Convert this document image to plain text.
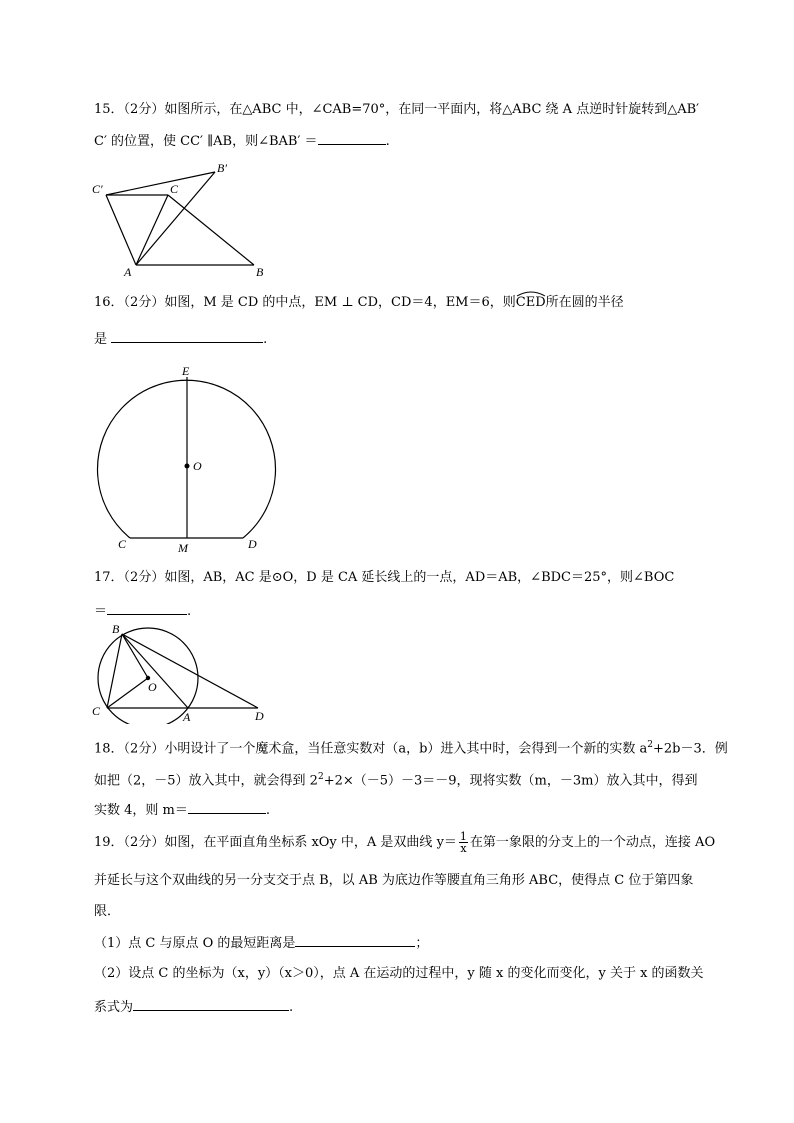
15．（2分）如图所示，在△ABC 中，∠CAB=70°，在同一平面内，将△ABC 绕 A 点逆时针旋转到△AB′
C′ 的位置，使 CC′ ∥AB，则∠BAB′ ＝	.
C′	C
B′
A	B
16．（2分）如图，M 是 CD 的中点，EM ⊥ CD，CD＝4，EM＝6，则
CED所在圆的半径
是	.
E
O
C	M	D
17．（2分）如图，AB，AC 是⊙O，D 是 CA 延长线上的一点，AD＝AB，∠BDC＝25°，则∠BOC
＝	.
B
O
C	A	D
18．（2分）小明设计了一个魔术盒，当任意实数对（a，b）进入其中时，会得到一个新的实数 $a^2+2b-3$．例
如把（2，－5）放入其中，就会得到 $2^2+2\times(-5)-3=-9$，现将实数（m，－3m）放入其中，得到
实数 4，则 m＝	.
19．（2分）如图，在平面直角坐标系 xOy 中，A 是双曲线 $y= \frac{1}{x}$ 在第一象限的分支上的一个动点，连接 AO
并延长与这个双曲线的另一分支交于点 B，以 AB 为底边作等腰直角三角形 ABC，使得点 C 位于第四象
限．
（1）点 C 与原点 O 的最短距离是	；
（2）设点 C 的坐标为（x，y）（x＞0），点 A 在运动的过程中，y 随 x 的变化而变化，y 关于 x 的函数关
系式为	.
